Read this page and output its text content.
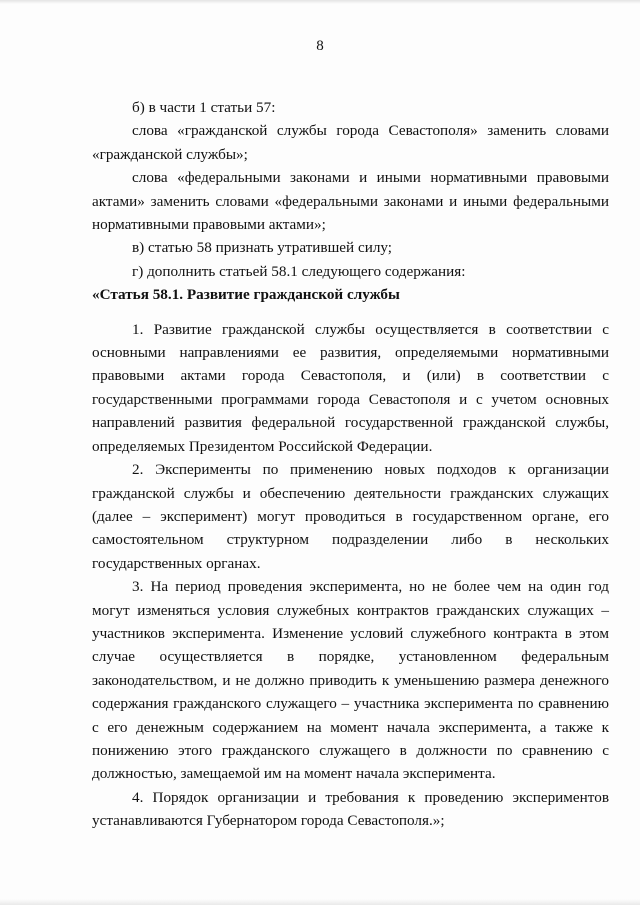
8

б) в части 1 статьи 57:

слова «гражданской службы города Севастополя» заменить словами «гражданской службы»;

слова «федеральными законами и иными нормативными правовыми актами» заменить словами «федеральными законами и иными федеральными нормативными правовыми актами»;

в) статью 58 признать утратившей силу;

г) дополнить статьей 58.1 следующего содержания:

«Статья 58.1. Развитие гражданской службы

1. Развитие гражданской службы осуществляется в соответствии с основными направлениями ее развития, определяемыми нормативными правовыми актами города Севастополя, и (или) в соответствии с государственными программами города Севастополя и с учетом основных направлений развития федеральной государственной гражданской службы, определяемых Президентом Российской Федерации.

2. Эксперименты по применению новых подходов к организации гражданской службы и обеспечению деятельности гражданских служащих (далее – эксперимент) могут проводиться в государственном органе, его самостоятельном структурном подразделении либо в нескольких государственных органах.

3. На период проведения эксперимента, но не более чем на один год могут изменяться условия служебных контрактов гражданских служащих – участников эксперимента. Изменение условий служебного контракта в этом случае осуществляется в порядке, установленном федеральным законодательством, и не должно приводить к уменьшению размера денежного содержания гражданского служащего – участника эксперимента по сравнению с его денежным содержанием на момент начала эксперимента, а также к понижению этого гражданского служащего в должности по сравнению с должностью, замещаемой им на момент начала эксперимента.

4. Порядок организации и требования к проведению экспериментов устанавливаются Губернатором города Севастополя.»;
